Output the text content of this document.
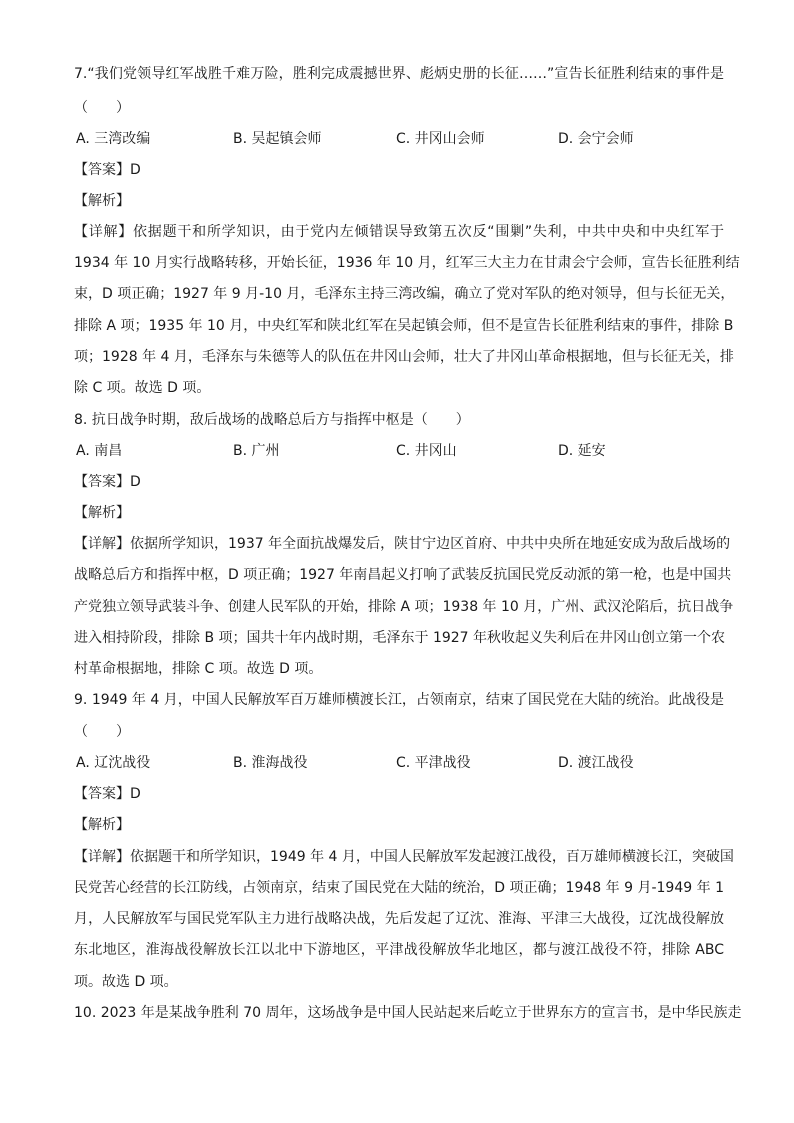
7.“我们党领导红军战胜千难万险，胜利完成震撼世界、彪炳史册的长征……”宣告长征胜利结束的事件是
（　　）
A. 三湾改编	B. 吴起镇会师	C. 井冈山会师	D. 会宁会师
【答案】D
【解析】
【详解】依据题干和所学知识，由于党内左倾错误导致第五次反“围剿”失利，中共中央和中央红军于
1934 年 10 月实行战略转移，开始长征，1936 年 10 月，红军三大主力在甘肃会宁会师，宣告长征胜利结
束，D 项正确；1927 年 9 月-10 月，毛泽东主持三湾改编，确立了党对军队的绝对领导，但与长征无关，
排除 A 项；1935 年 10 月，中央红军和陕北红军在吴起镇会师，但不是宣告长征胜利结束的事件，排除 B
项；1928 年 4 月，毛泽东与朱德等人的队伍在井冈山会师，壮大了井冈山革命根据地，但与长征无关，排
除 C 项。故选 D 项。
8. 抗日战争时期，敌后战场的战略总后方与指挥中枢是（　　）
A. 南昌	B. 广州	C. 井冈山	D. 延安
【答案】D
【解析】
【详解】依据所学知识，1937 年全面抗战爆发后，陕甘宁边区首府、中共中央所在地延安成为敌后战场的
战略总后方和指挥中枢，D 项正确；1927 年南昌起义打响了武装反抗国民党反动派的第一枪，也是中国共
产党独立领导武装斗争、创建人民军队的开始，排除 A 项；1938 年 10 月，广州、武汉沦陷后，抗日战争
进入相持阶段，排除 B 项；国共十年内战时期，毛泽东于 1927 年秋收起义失利后在井冈山创立第一个农
村革命根据地，排除 C 项。故选 D 项。
9. 1949 年 4 月，中国人民解放军百万雄师横渡长江，占领南京，结束了国民党在大陆的统治。此战役是
（　　）
A. 辽沈战役	B. 淮海战役	C. 平津战役	D. 渡江战役
【答案】D
【解析】
【详解】依据题干和所学知识，1949 年 4 月，中国人民解放军发起渡江战役，百万雄师横渡长江，突破国
民党苦心经营的长江防线，占领南京，结束了国民党在大陆的统治，D 项正确；1948 年 9 月-1949 年 1
月，人民解放军与国民党军队主力进行战略决战，先后发起了辽沈、淮海、平津三大战役，辽沈战役解放
东北地区，淮海战役解放长江以北中下游地区，平津战役解放华北地区，都与渡江战役不符，排除 ABC
项。故选 D 项。
10. 2023 年是某战争胜利 70 周年，这场战争是中国人民站起来后屹立于世界东方的宣言书，是中华民族走
